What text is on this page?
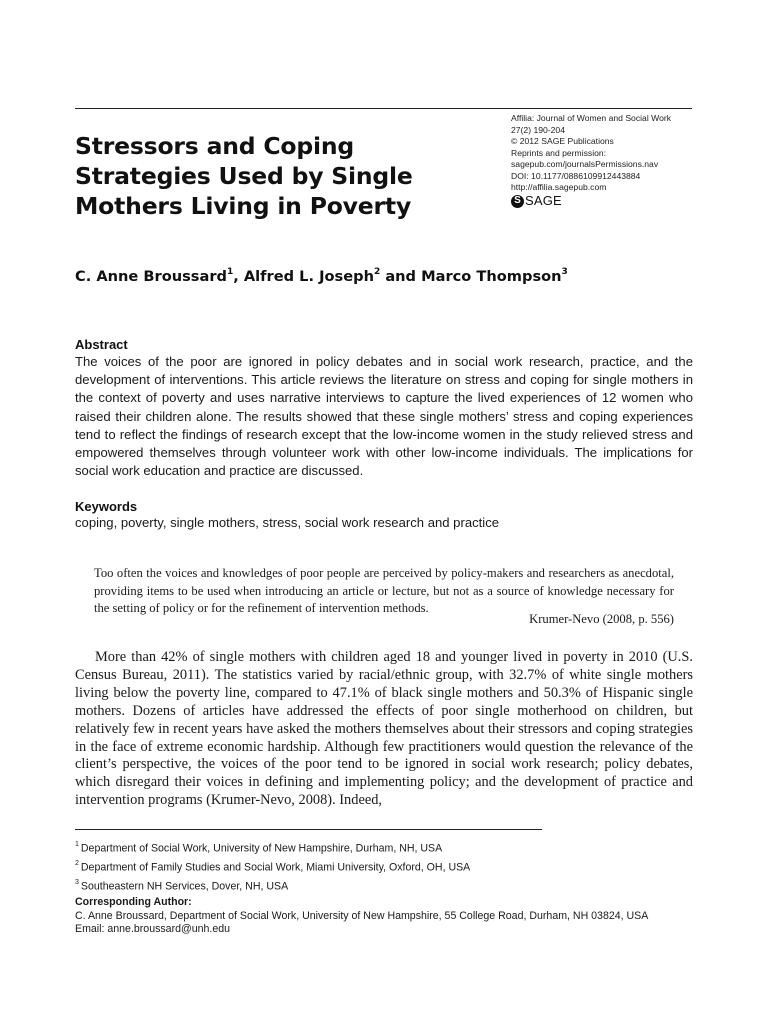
Stressors and Coping
Strategies Used by Single
Mothers Living in Poverty
Affilia: Journal of Women and Social Work
27(2) 190-204
© 2012 SAGE Publications
Reprints and permission:
sagepub.com/journalsPermissions.nav
DOI: 10.1177/0886109912443884
http://affilia.sagepub.com
S SAGE
C. Anne Broussard$^1$, Alfred L. Joseph$^2$ and Marco Thompson$^3$
Abstract
The voices of the poor are ignored in policy debates and in social work research, practice, and the development of interventions. This article reviews the literature on stress and coping for single mothers in the context of poverty and uses narrative interviews to capture the lived experiences of 12 women who raised their children alone. The results showed that these single mothers’ stress and coping experiences tend to reflect the findings of research except that the low-income women in the study relieved stress and empowered themselves through volunteer work with other low-income individuals. The implications for social work education and practice are discussed.
Keywords
coping, poverty, single mothers, stress, social work research and practice
Too often the voices and knowledges of poor people are perceived by policy-makers and researchers as anecdotal, providing items to be used when introducing an article or lecture, but not as a source of knowledge necessary for the setting of policy or for the refinement of intervention methods.
Krumer-Nevo (2008, p. 556)
More than 42% of single mothers with children aged 18 and younger lived in poverty in 2010 (U.S. Census Bureau, 2011). The statistics varied by racial/ethnic group, with 32.7% of white single mothers living below the poverty line, compared to 47.1% of black single mothers and 50.3% of Hispanic single mothers. Dozens of articles have addressed the effects of poor single motherhood on children, but relatively few in recent years have asked the mothers themselves about their stressors and coping strategies in the face of extreme economic hardship. Although few practitioners would question the relevance of the client’s perspective, the voices of the poor tend to be ignored in social work research; policy debates, which disregard their voices in defining and implementing policy; and the development of practice and intervention programs (Krumer-Nevo, 2008). Indeed,
$^1$ Department of Social Work, University of New Hampshire, Durham, NH, USA
$^2$ Department of Family Studies and Social Work, Miami University, Oxford, OH, USA
$^3$ Southeastern NH Services, Dover, NH, USA
Corresponding Author:
C. Anne Broussard, Department of Social Work, University of New Hampshire, 55 College Road, Durham, NH 03824, USA
Email: anne.broussard@unh.edu
